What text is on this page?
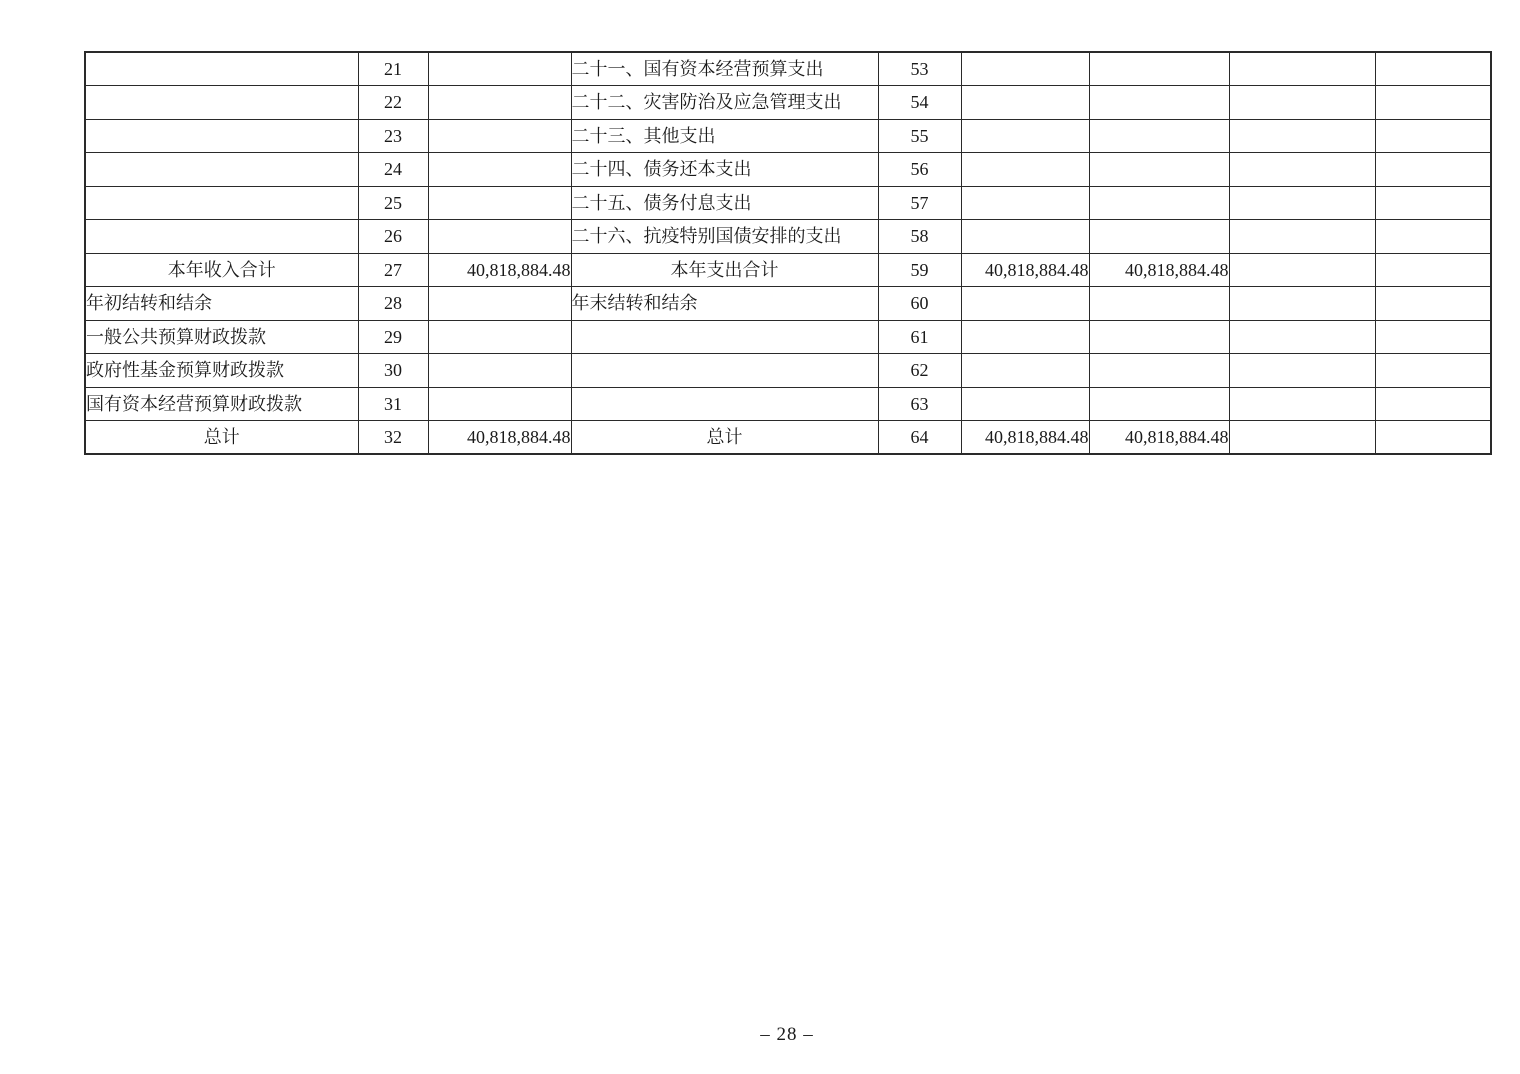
	21		二十一、国有资本经营预算支出	53				
	22		二十二、灾害防治及应急管理支出	54				
	23		二十三、其他支出	55				
	24		二十四、债务还本支出	56				
	25		二十五、债务付息支出	57				
	26		二十六、抗疫特别国债安排的支出	58				
本年收入合计	27	40,818,884.48	本年支出合计	59	40,818,884.48	40,818,884.48		
年初结转和结余	28		年末结转和结余	60				
一般公共预算财政拨款	29			61				
政府性基金预算财政拨款	30			62				
国有资本经营预算财政拨款	31			63				
总计	32	40,818,884.48	总计	64	40,818,884.48	40,818,884.48		
– 28 –
